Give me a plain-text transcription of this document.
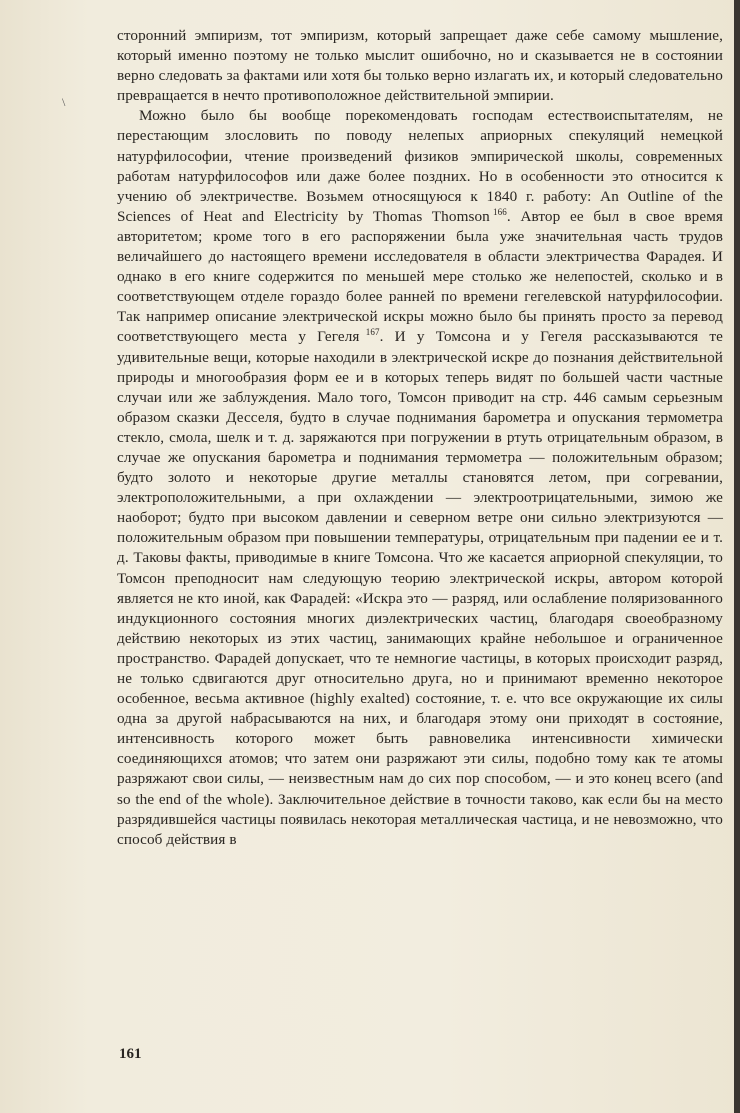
\

сторонний эмпиризм, тот эмпиризм, который запрещает даже себе самому мышление, который именно поэтому не только мыслит ошибочно, но и сказывается не в состоянии верно следовать за фактами или хотя бы только верно излагать их, и который следовательно превращается в нечто противоположное действительной эмпирии.

Можно было бы вообще порекомендовать господам естествоиспытателям, не перестающим злословить по поводу нелепых априорных спекуляций немецкой натурфилософии, чтение произведений физиков эмпирической школы, современных работам натурфилософов или даже более поздних. Но в особенности это относится к учению об электричестве. Возьмем относящуюся к 1840 г. работу: An Outline of the Sciences of Heat and Electricity by Thomas Thomson  $^{166}$. Автор ее был в свое время авторитетом; кроме того в его распоряжении была уже значительная часть трудов величайшего до настоящего времени исследователя в области электричества Фарадея. И однако в его книге содержится по меньшей мере столько же нелепостей, сколько и в соответствующем отделе гораздо более ранней по времени гегелевской натурфилософии. Так например описание электрической искры можно было бы принять просто за перевод соответствующего места у Гегеля   $^{167}$. И у Томсона и у Гегеля рассказываются те удивительные вещи, которые находили в электрической искре до познания действительной природы и многообразия форм ее и в которых теперь видят по большей части частные случаи или же заблуждения. Мало того, Томсон приводит на стр. 446 самым серьезным образом сказки Десселя, будто в случае поднимания барометра и опускания термометра стекло, смола, шелк и т. д. заряжаются при погружении в ртуть отрицательным образом, в случае же опускания барометра и поднимания термометра — положительным образом; будто золото и некоторые другие металлы становятся летом, при согревании, электроположительными, а при охлаждении — электроотрицательными, зимою же наоборот; будто при высоком давлении и северном ветре они сильно электризуются — положительным образом при повышении температуры, отрицательным при падении ее и т. д. Таковы факты, приводимые в книге Томсона. Что же касается априорной спекуляции, то Томсон преподносит нам следующую теорию электрической искры, автором которой является не кто иной, как Фарадей: «Искра это — разряд, или ослабление поляризованного индукционного состояния многих диэлектрических частиц, благодаря своеобразному действию некоторых из этих частиц, занимающих крайне небольшое и ограниченное пространство. Фарадей допускает, что те немногие частицы, в которых происходит разряд, не только сдвигаются друг относительно друга, но и принимают временно некоторое особенное, весьма активное (highly exalted) состояние, т. е. что все окружающие их силы одна за другой набрасываются на них, и благодаря этому они приходят в состояние, интенсивность которого может быть равновелика интенсивности химически соединяющихся атомов; что затем они разряжают эти силы, подобно тому как те атомы разряжают свои силы, — неизвестным нам до сих пор способом, — и это конец всего (and so the end of the whole). Заключительное действие в точности таково, как если бы на место разрядившейся частицы появилась некоторая металлическая частица, и не невозможно, что способ действия в

161
